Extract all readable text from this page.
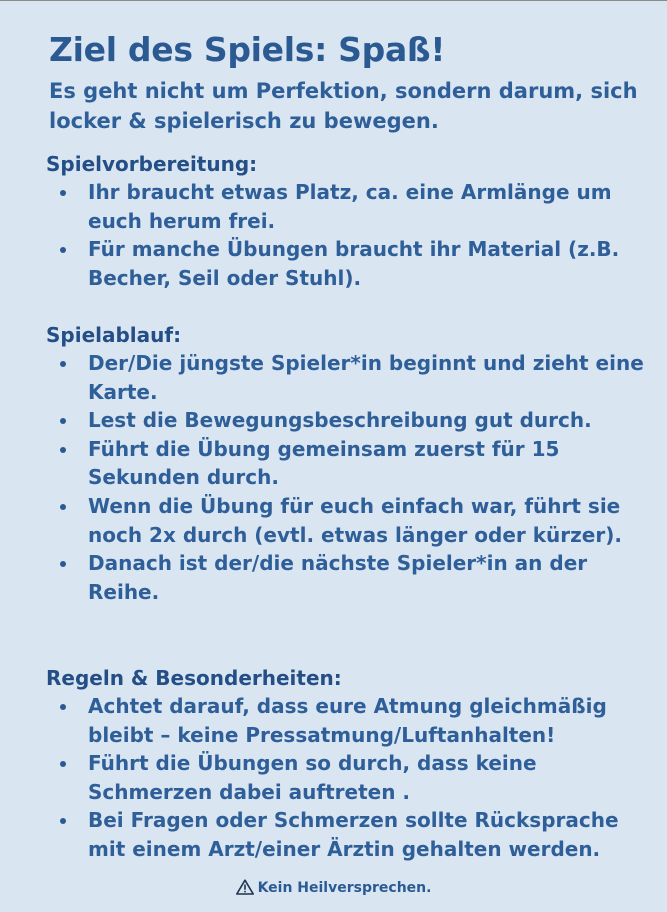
Ziel des Spiels: Spaß!

Es geht nicht um Perfektion, sondern darum, sich locker & spielerisch zu bewegen.

Spielvorbereitung:
Ihr braucht etwas Platz, ca. eine Armlänge um euch herum frei.
Für manche Übungen braucht ihr Material (z.B. Becher, Seil oder Stuhl).
Spielablauf:
Der/Die jüngste Spieler*in beginnt und zieht eine Karte.
Lest die Bewegungsbeschreibung gut durch.
Führt die Übung gemeinsam zuerst für 15 Sekunden durch.
Wenn die Übung für euch einfach war, führt sie noch 2x durch (evtl. etwas länger oder kürzer).
Danach ist der/die nächste Spieler*in an der Reihe.
Regeln & Besonderheiten:
Achtet darauf, dass eure Atmung gleichmäßig bleibt – keine Pressatmung/Luftanhalten!
Führt die Übungen so durch, dass keine Schmerzen dabei auftreten .
Bei Fragen oder Schmerzen sollte Rücksprache mit einem Arzt/einer Ärztin gehalten werden.
Kein Heilversprechen.
